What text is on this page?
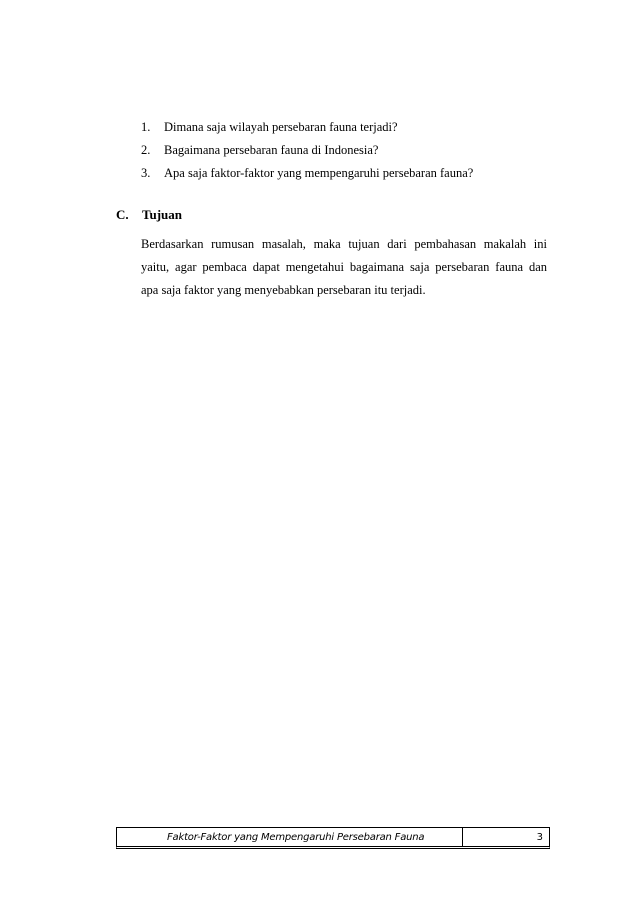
1. Dimana saja wilayah persebaran fauna terjadi?
2. Bagaimana persebaran fauna di Indonesia?
3. Apa saja faktor-faktor yang mempengaruhi persebaran fauna?
C. Tujuan
Berdasarkan rumusan masalah, maka tujuan dari pembahasan makalah ini
yaitu, agar pembaca dapat mengetahui bagaimana saja persebaran fauna dan
apa saja faktor yang menyebabkan persebaran itu terjadi.
Faktor-Faktor yang Mempengaruhi Persebaran Fauna	3
